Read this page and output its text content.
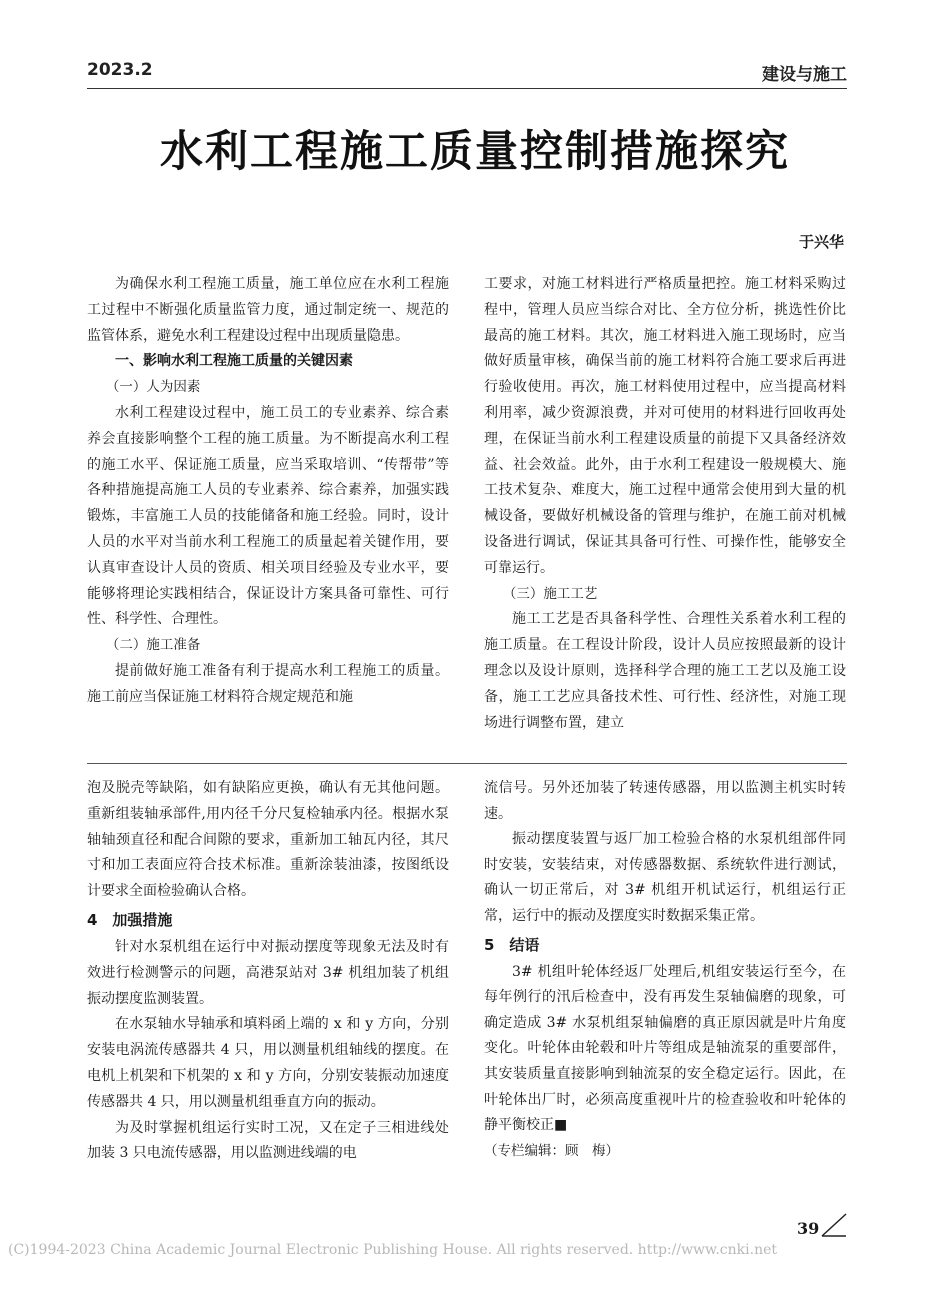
2023.2	建设与施工
水利工程施工质量控制措施探究
于兴华

为确保水利工程施工质量，施工单位应在水利工程施工过程中不断强化质量监管力度，通过制定统一、规范的监管体系，避免水利工程建设过程中出现质量隐患。

一、影响水利工程施工质量的关键因素
（一）人为因素

水利工程建设过程中，施工员工的专业素养、综合素养会直接影响整个工程的施工质量。为不断提高水利工程的施工水平、保证施工质量，应当采取培训、“传帮带”等各种措施提高施工人员的专业素养、综合素养，加强实践锻炼，丰富施工人员的技能储备和施工经验。同时，设计人员的水平对当前水利工程施工的质量起着关键作用，要认真审查设计人员的资质、相关项目经验及专业水平，要能够将理论实践相结合，保证设计方案具备可靠性、可行性、科学性、合理性。

（二）施工准备

提前做好施工准备有利于提高水利工程施工的质量。施工前应当保证施工材料符合规定规范和施

工要求，对施工材料进行严格质量把控。施工材料采购过程中，管理人员应当综合对比、全方位分析，挑选性价比最高的施工材料。其次，施工材料进入施工现场时，应当做好质量审核，确保当前的施工材料符合施工要求后再进行验收使用。再次，施工材料使用过程中，应当提高材料利用率，减少资源浪费，并对可使用的材料进行回收再处理，在保证当前水利工程建设质量的前提下又具备经济效益、社会效益。此外，由于水利工程建设一般规模大、施工技术复杂、难度大，施工过程中通常会使用到大量的机械设备，要做好机械设备的管理与维护，在施工前对机械设备进行调试，保证其具备可行性、可操作性，能够安全可靠运行。

（三）施工工艺

施工工艺是否具备科学性、合理性关系着水利工程的施工质量。在工程设计阶段，设计人员应按照最新的设计理念以及设计原则，选择科学合理的施工工艺以及施工设备，施工工艺应具备技术性、可行性、经济性，对施工现场进行调整布置，建立

泡及脱壳等缺陷，如有缺陷应更换，确认有无其他问题。重新组装轴承部件,用内径千分尺复检轴承内径。根据水泵轴轴颈直径和配合间隙的要求，重新加工轴瓦内径，其尺寸和加工表面应符合技术标准。重新涂装油漆，按图纸设计要求全面检验确认合格。

4　加强措施

针对水泵机组在运行中对振动摆度等现象无法及时有效进行检测警示的问题，高港泵站对 3# 机组加装了机组振动摆度监测装置。

在水泵轴水导轴承和填料函上端的 x 和 y 方向，分别安装电涡流传感器共 4 只，用以测量机组轴线的摆度。在电机上机架和下机架的 x 和 y 方向，分别安装振动加速度传感器共 4 只，用以测量机组垂直方向的振动。

为及时掌握机组运行实时工况，又在定子三相进线处加装 3 只电流传感器，用以监测进线端的电

流信号。另外还加装了转速传感器，用以监测主机实时转速。

振动摆度装置与返厂加工检验合格的水泵机组部件同时安装，安装结束，对传感器数据、系统软件进行测试，确认一切正常后，对 3# 机组开机试运行，机组运行正常，运行中的振动及摆度实时数据采集正常。

5　结语

3# 机组叶轮体经返厂处理后,机组安装运行至今，在每年例行的汛后检查中，没有再发生泵轴偏磨的现象，可确定造成 3# 水泵机组泵轴偏磨的真正原因就是叶片角度变化。叶轮体由轮毂和叶片等组成是轴流泵的重要部件，其安装质量直接影响到轴流泵的安全稳定运行。因此，在叶轮体出厂时，必须高度重视叶片的检查验收和叶轮体的静平衡校正■

（专栏编辑：顾　梅）

39
(C)1994-2023 China Academic Journal Electronic Publishing House. All rights reserved. http://www.cnki.net
